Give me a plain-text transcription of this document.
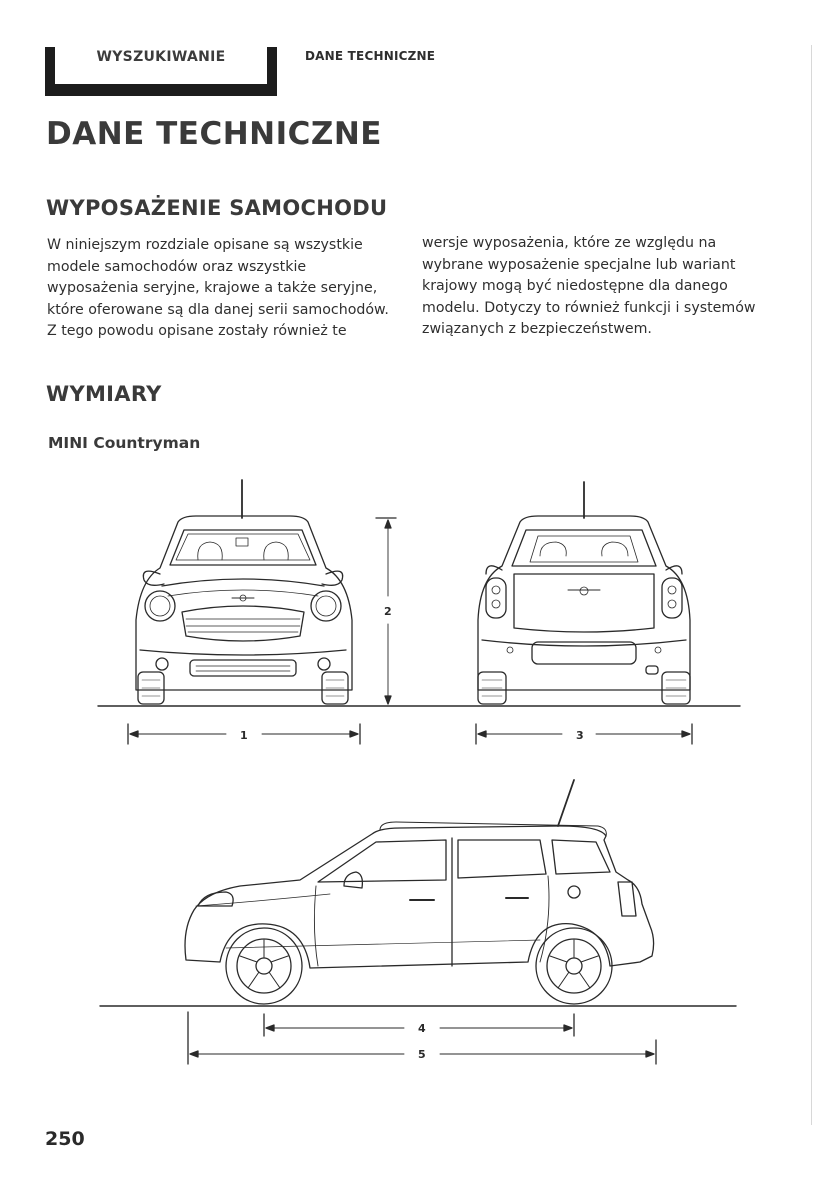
WYSZUKIWANIE	DANE TECHNICZNE
DANE TECHNICZNE
WYPOSAŻENIE SAMOCHODU
W niniejszym rozdziale opisane są wszystkie
modele samochodów oraz wszystkie
wyposażenia seryjne, krajowe a także seryjne,
które oferowane są dla danej serii samochodów.
Z tego powodu opisane zostały również te
wersje wyposażenia, które ze względu na
wybrane wyposażenie specjalne lub wariant
krajowy mogą być niedostępne dla danego
modelu. Dotyczy to również funkcji i systemów
związanych z bezpieczeństwem.
WYMIARY
MINI Countryman
1
2
3
4
5
250
